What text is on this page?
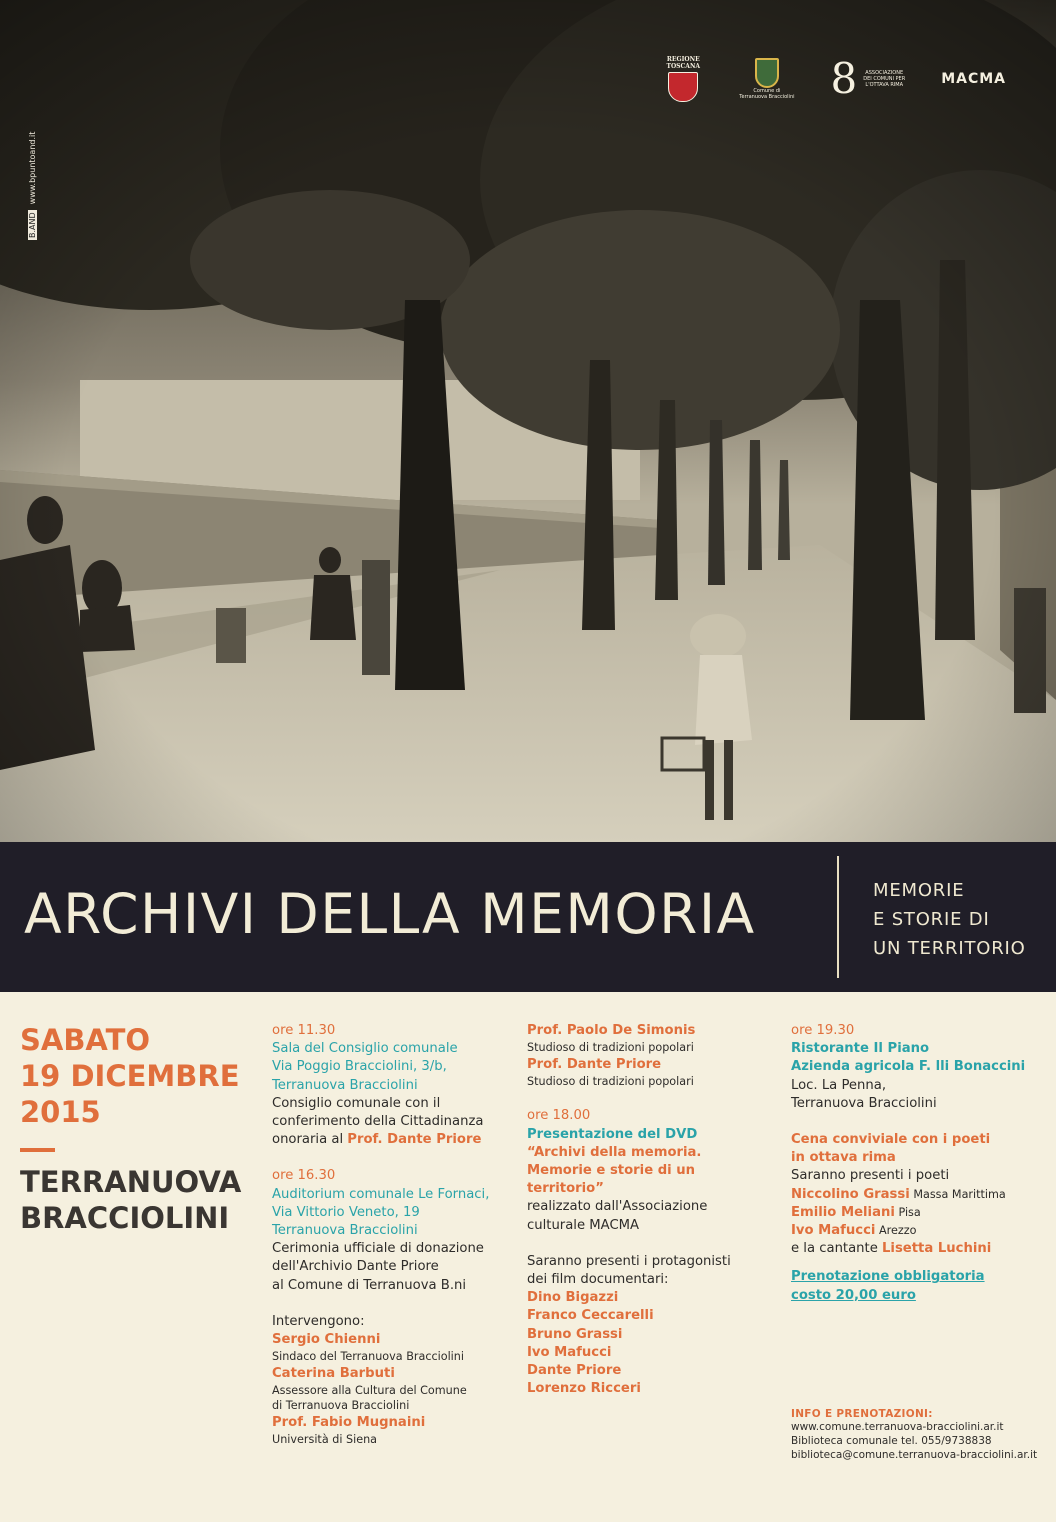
B.ANDwww.bpuntoand.it
REGIONE TOSCANA
Comune di
Terranuova Bracciolini 8	ASSOCIAZIONE
DEI COMUNI PER
L'OTTAVA RIMA	MACMA
ARCHIVI DELLA MEMORIA	MEMORIE
E STORIE DI
UN TERRITORIO
SABATO
19 DICEMBRE
2015
TERRANUOVA
BRACCIOLINI
ore 11.30
Sala del Consiglio comunale
Via Poggio Bracciolini, 3/b,
Terranuova Bracciolini
Consiglio comunale con il
conferimento della Cittadinanza
onoraria al Prof. Dante Priore
ore 16.30
Auditorium comunale Le Fornaci,
Via Vittorio Veneto, 19
Terranuova Bracciolini
Cerimonia ufficiale di donazione
dell'Archivio Dante Priore
al Comune di Terranuova B.ni
Intervengono:
Sergio Chienni
Sindaco del Terranuova Bracciolini
Caterina Barbuti
Assessore alla Cultura del Comune
di Terranuova Bracciolini
Prof. Fabio Mugnaini
Università di Siena
Prof. Paolo De Simonis
Studioso di tradizioni popolari
Prof. Dante Priore
Studioso di tradizioni popolari
ore 18.00
Presentazione del DVD
“Archivi della memoria.
Memorie e storie di un territorio”
realizzato dall'Associazione
culturale MACMA
Saranno presenti i protagonisti
dei film documentari:
Dino Bigazzi
Franco Ceccarelli
Bruno Grassi
Ivo Mafucci
Dante Priore
Lorenzo Ricceri
ore 19.30
Ristorante Il Piano
Azienda agricola F. lli Bonaccini
Loc. La Penna,
Terranuova Bracciolini
Cena conviviale con i poeti
in ottava rima
Saranno presenti i poeti
Niccolino Grassi Massa Marittima
Emilio Meliani Pisa
Ivo Mafucci Arezzo
e la cantante Lisetta Luchini
Prenotazione obbligatoria
costo 20,00 euro
INFO E PRENOTAZIONI:
www.comune.terranuova-bracciolini.ar.it
Biblioteca comunale tel. 055/9738838
biblioteca@comune.terranuova-bracciolini.ar.it
